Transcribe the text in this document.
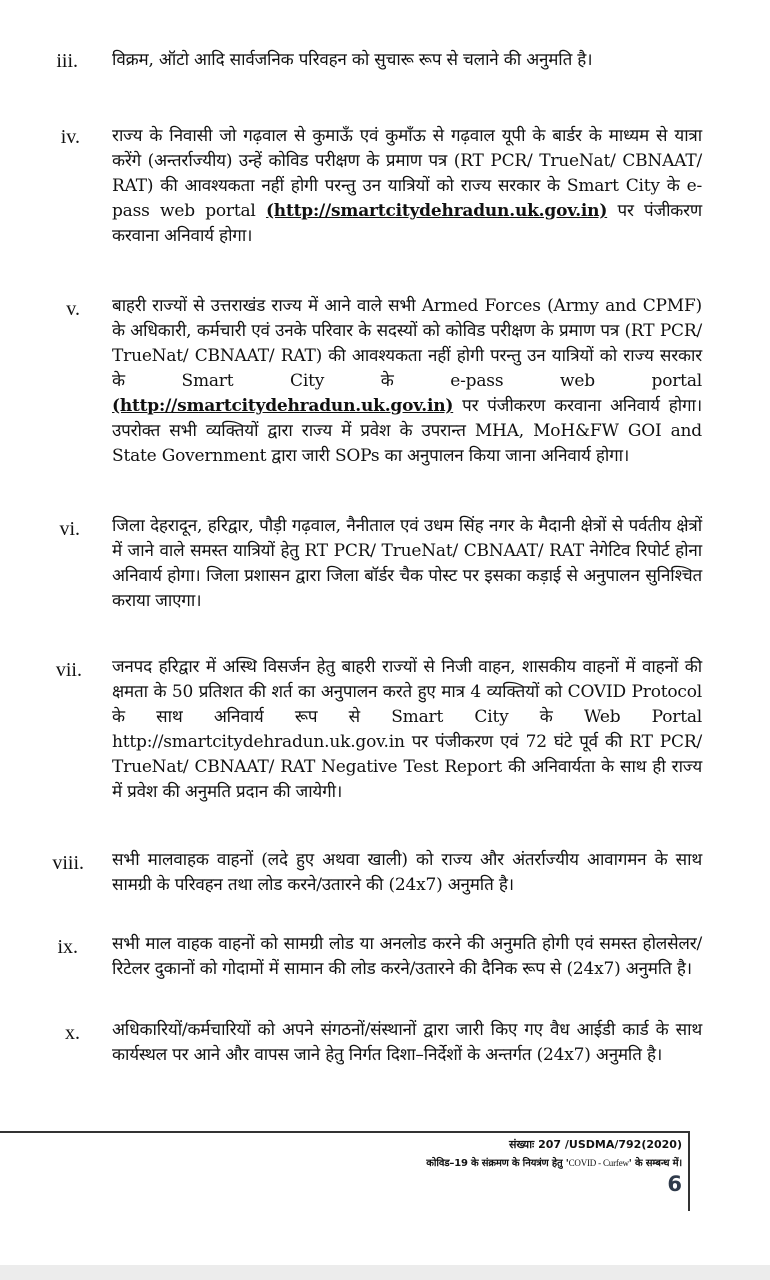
iii. विक्रम, ऑटो आदि सार्वजनिक परिवहन को सुचारू रूप से चलाने की अनुमति है।
iv. राज्य के निवासी जो गढ़वाल से कुमाऊँ एवं कुमाँऊ से गढ़वाल यूपी के बार्डर के माध्यम से यात्रा करेंगे (अन्तर्राज्यीय) उन्हें कोविड परीक्षण के प्रमाण पत्र (RT PCR/ TrueNat/ CBNAAT/ RAT) की आवश्यकता नहीं होगी परन्तु उन यात्रियों को राज्य सरकार के Smart City के e-pass web portal (http://smartcitydehradun.uk.gov.in) पर पंजीकरण करवाना अनिवार्य होगा।
v. बाहरी राज्यों से उत्तराखंड राज्य में आने वाले सभी Armed Forces (Army and CPMF) के अधिकारी, कर्मचारी एवं उनके परिवार के सदस्यों को कोविड परीक्षण के प्रमाण पत्र (RT PCR/ TrueNat/ CBNAAT/ RAT) की आवश्यकता नहीं होगी परन्तु उन यात्रियों को राज्य सरकार के Smart City के e-pass web portal (http://smartcitydehradun.uk.gov.in) पर पंजीकरण करवाना अनिवार्य होगा। उपरोक्त सभी व्यक्तियों द्वारा राज्य में प्रवेश के उपरान्त MHA, MoH&FW GOI and State Government द्वारा जारी SOPs का अनुपालन किया जाना अनिवार्य होगा।
vi. जिला देहरादून, हरिद्वार, पौड़ी गढ़वाल, नैनीताल एवं उधम सिंह नगर के मैदानी क्षेत्रों से पर्वतीय क्षेत्रों में जाने वाले समस्त यात्रियों हेतु RT PCR/ TrueNat/ CBNAAT/ RAT नेगेटिव रिपोर्ट होना अनिवार्य होगा। जिला प्रशासन द्वारा जिला बॉर्डर चैक पोस्ट पर इसका कड़ाई से अनुपालन सुनिश्चित कराया जाएगा।
vii. जनपद हरिद्वार में अस्थि विसर्जन हेतु बाहरी राज्यों से निजी वाहन, शासकीय वाहनों में वाहनों की क्षमता के 50 प्रतिशत की शर्त का अनुपालन करते हुए मात्र 4 व्यक्तियों को COVID Protocol के साथ अनिवार्य रूप से Smart City के Web Portal http://smartcitydehradun.uk.gov.in पर पंजीकरण एवं 72 घंटे पूर्व की RT PCR/ TrueNat/ CBNAAT/ RAT Negative Test Report की अनिवार्यता के साथ ही राज्य में प्रवेश की अनुमति प्रदान की जायेगी।
viii. सभी मालवाहक वाहनों (लदे हुए अथवा खाली) को राज्य और अंतर्राज्यीय आवागमन के साथ सामग्री के परिवहन तथा लोड करने/उतारने की (24x7) अनुमति है।
ix. सभी माल वाहक वाहनों को सामग्री लोड या अनलोड करने की अनुमति होगी एवं समस्त होलसेलर/रिटेलर दुकानों को गोदामों में सामान की लोड करने/उतारने की दैनिक रूप से (24x7) अनुमति है।
x. अधिकारियों/कर्मचारियों को अपने संगठनों/संस्थानों द्वारा जारी किए गए वैध आईडी कार्ड के साथ कार्यस्थल पर आने और वापस जाने हेतु निर्गत दिशा–निर्देशों के अन्तर्गत (24x7) अनुमति है।
संख्याः 207 /USDMA/792(2020)
कोविड–19 के संक्रमण के नियत्रंण हेतु 'COVID - Curfew' के सम्बन्ध में।
6
